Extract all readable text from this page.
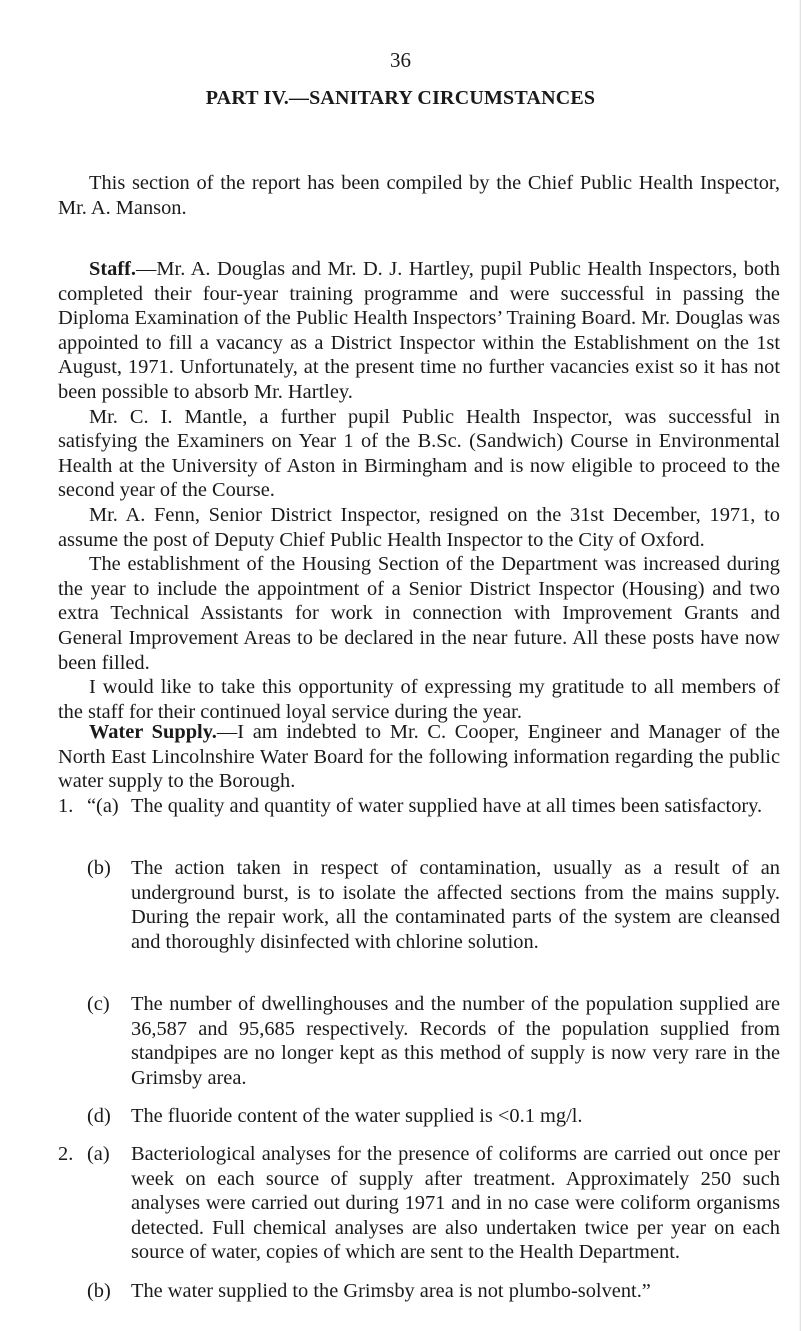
36
PART IV.—SANITARY CIRCUMSTANCES

This section of the report has been compiled by the Chief Public Health Inspector, Mr. A. Manson.

Staff.—Mr. A. Douglas and Mr. D. J. Hartley, pupil Public Health Inspectors, both completed their four-year training programme and were successful in passing the Diploma Examination of the Public Health Inspectors’ Training Board. Mr. Douglas was appointed to fill a vacancy as a District Inspector within the Establishment on the 1st August, 1971. Unfortunately, at the present time no further vacancies exist so it has not been possible to absorb Mr. Hartley.

Mr. C. I. Mantle, a further pupil Public Health Inspector, was successful in satisfying the Examiners on Year 1 of the B.Sc. (Sandwich) Course in Environmental Health at the University of Aston in Birmingham and is now eligible to proceed to the second year of the Course.

Mr. A. Fenn, Senior District Inspector, resigned on the 31st December, 1971, to assume the post of Deputy Chief Public Health Inspector to the City of Oxford.

The establishment of the Housing Section of the Department was increased during the year to include the appointment of a Senior District Inspector (Housing) and two extra Technical Assistants for work in connection with Improvement Grants and General Improvement Areas to be declared in the near future. All these posts have now been filled.

I would like to take this opportunity of expressing my gratitude to all members of the staff for their continued loyal service during the year.

Water Supply.—I am indebted to Mr. C. Cooper, Engineer and Manager of the North East Lincolnshire Water Board for the following information regarding the public water supply to the Borough.

1. “(a) The quality and quantity of water supplied have at all times been satisfactory.
(b) The action taken in respect of contamination, usually as a result of an underground burst, is to isolate the affected sections from the mains supply. During the repair work, all the contaminated parts of the system are cleansed and thoroughly disinfected with chlorine solution.
(c) The number of dwellinghouses and the number of the population supplied are 36,587 and 95,685 respectively. Records of the population supplied from standpipes are no longer kept as this method of supply is now very rare in the Grimsby area.
(d) The fluoride content of the water supplied is <0.1 mg/l.
2. (a) Bacteriological analyses for the presence of coliforms are carried out once per week on each source of supply after treatment. Approximately 250 such analyses were carried out during 1971 and in no case were coliform organisms detected. Full chemical analyses are also undertaken twice per year on each source of water, copies of which are sent to the Health Department.
(b) The water supplied to the Grimsby area is not plumbo-solvent.”
